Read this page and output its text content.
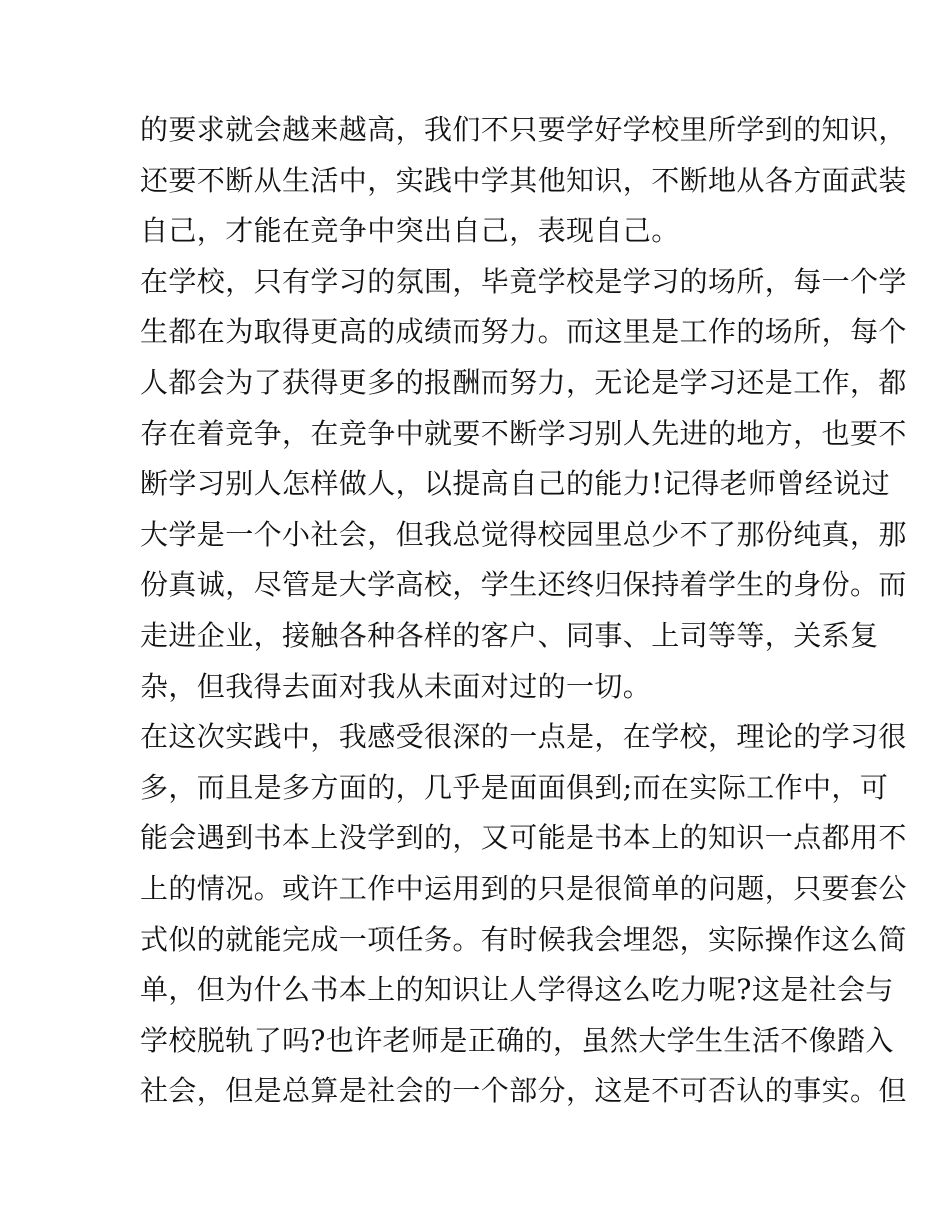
的要求就会越来越高，我们不只要学好学校里所学到的知识，
还要不断从生活中，实践中学其他知识，不断地从各方面武装
自己，才能在竞争中突出自己，表现自己。
在学校，只有学习的氛围，毕竟学校是学习的场所，每一个学
生都在为取得更高的成绩而努力。而这里是工作的场所，每个
人都会为了获得更多的报酬而努力，无论是学习还是工作，都
存在着竞争，在竞争中就要不断学习别人先进的地方，也要不
断学习别人怎样做人，以提高自己的能力!记得老师曾经说过
大学是一个小社会，但我总觉得校园里总少不了那份纯真，那
份真诚，尽管是大学高校，学生还终归保持着学生的身份。而
走进企业，接触各种各样的客户、同事、上司等等，关系复
杂，但我得去面对我从未面对过的一切。
在这次实践中，我感受很深的一点是，在学校，理论的学习很
多，而且是多方面的，几乎是面面俱到;而在实际工作中，可
能会遇到书本上没学到的，又可能是书本上的知识一点都用不
上的情况。或许工作中运用到的只是很简单的问题，只要套公
式似的就能完成一项任务。有时候我会埋怨，实际操作这么简
单，但为什么书本上的知识让人学得这么吃力呢?这是社会与
学校脱轨了吗?也许老师是正确的，虽然大学生生活不像踏入
社会，但是总算是社会的一个部分，这是不可否认的事实。但
